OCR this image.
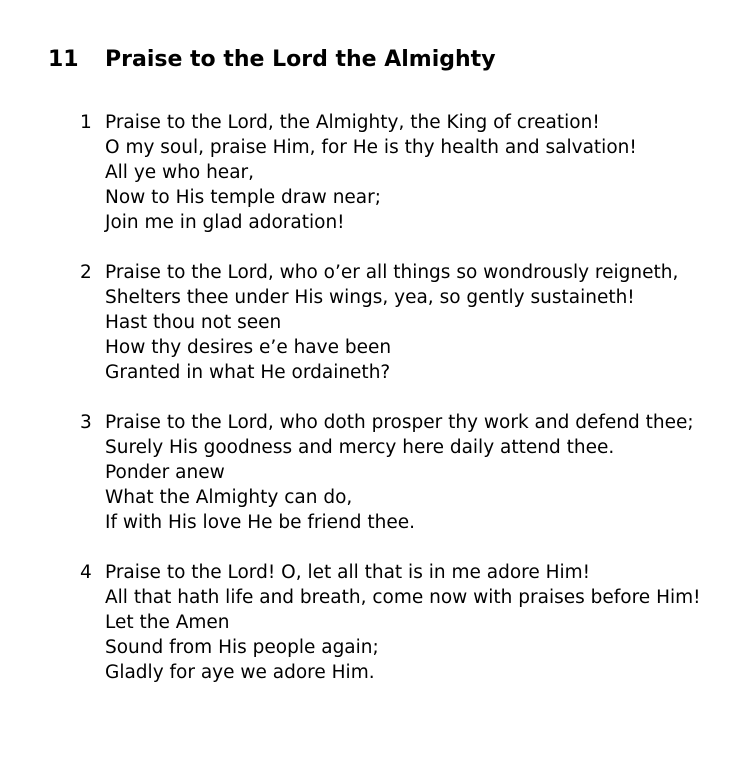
11	Praise to the Lord the Almighty
1 Praise to the Lord, the Almighty, the King of creation!
O my soul, praise Him, for He is thy health and salvation!
All ye who hear,
Now to His temple draw near;
Join me in glad adoration!
2 Praise to the Lord, who o’er all things so wondrously reigneth,
Shelters thee under His wings, yea, so gently sustaineth!
Hast thou not seen
How thy desires e’e have been
Granted in what He ordaineth?
3 Praise to the Lord, who doth prosper thy work and defend thee;
Surely His goodness and mercy here daily attend thee.
Ponder anew
What the Almighty can do,
If with His love He be friend thee.
4 Praise to the Lord! O, let all that is in me adore Him!
All that hath life and breath, come now with praises before Him!
Let the Amen
Sound from His people again;
Gladly for aye we adore Him.
